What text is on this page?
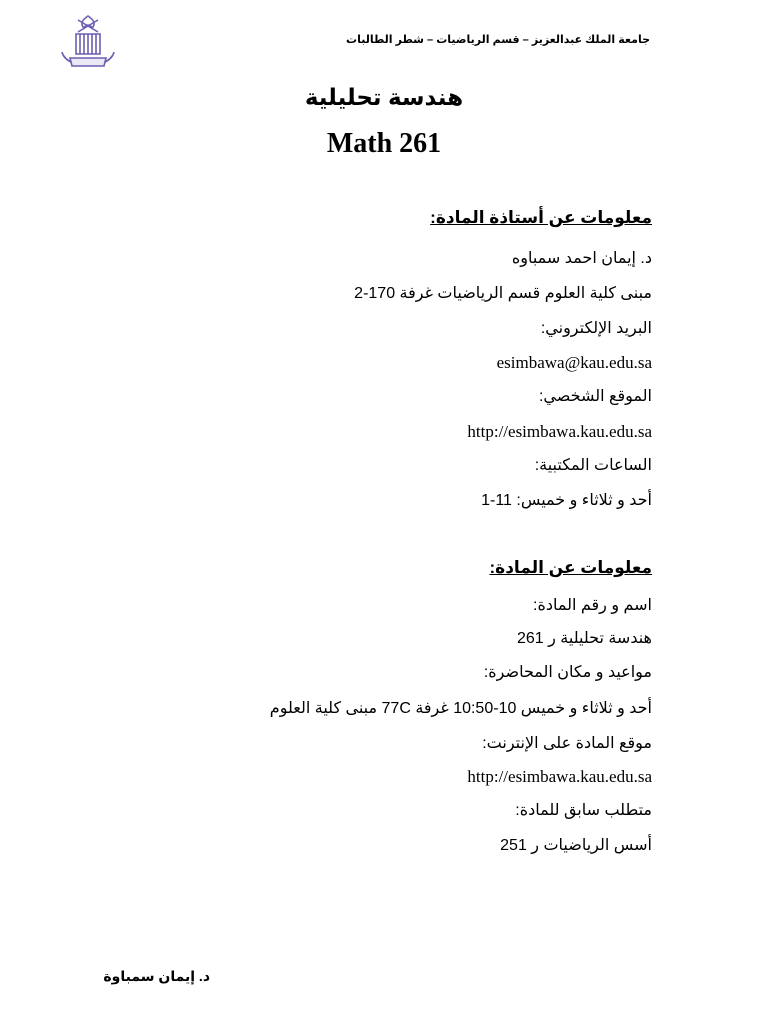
جامعة الملك عبدالعزيز – قسم الرياضيات – شطر الطالبات
هندسة تحليلية
Math 261
معلومات عن أستاذة المادة:
د. إيمان احمد سمباوه
مبنى كلية العلوم قسم الرياضيات غرفة 170-2
البريد الإلكتروني:
esimbawa@kau.edu.sa
الموقع الشخصي:
http://esimbawa.kau.edu.sa
الساعات المكتبية:
أحد و ثلاثاء و خميس: 11-1
معلومات عن المادة:
اسم و رقم المادة:
هندسة تحليلية ر 261
مواعيد و مكان المحاضرة:
أحد و ثلاثاء و خميس 10-10:50 غرفة 77C مبنى كلية العلوم
موقع المادة على الإنترنت:
http://esimbawa.kau.edu.sa
متطلب سابق للمادة:
أسس الرياضيات ر 251
د. إيمان سمباوة
